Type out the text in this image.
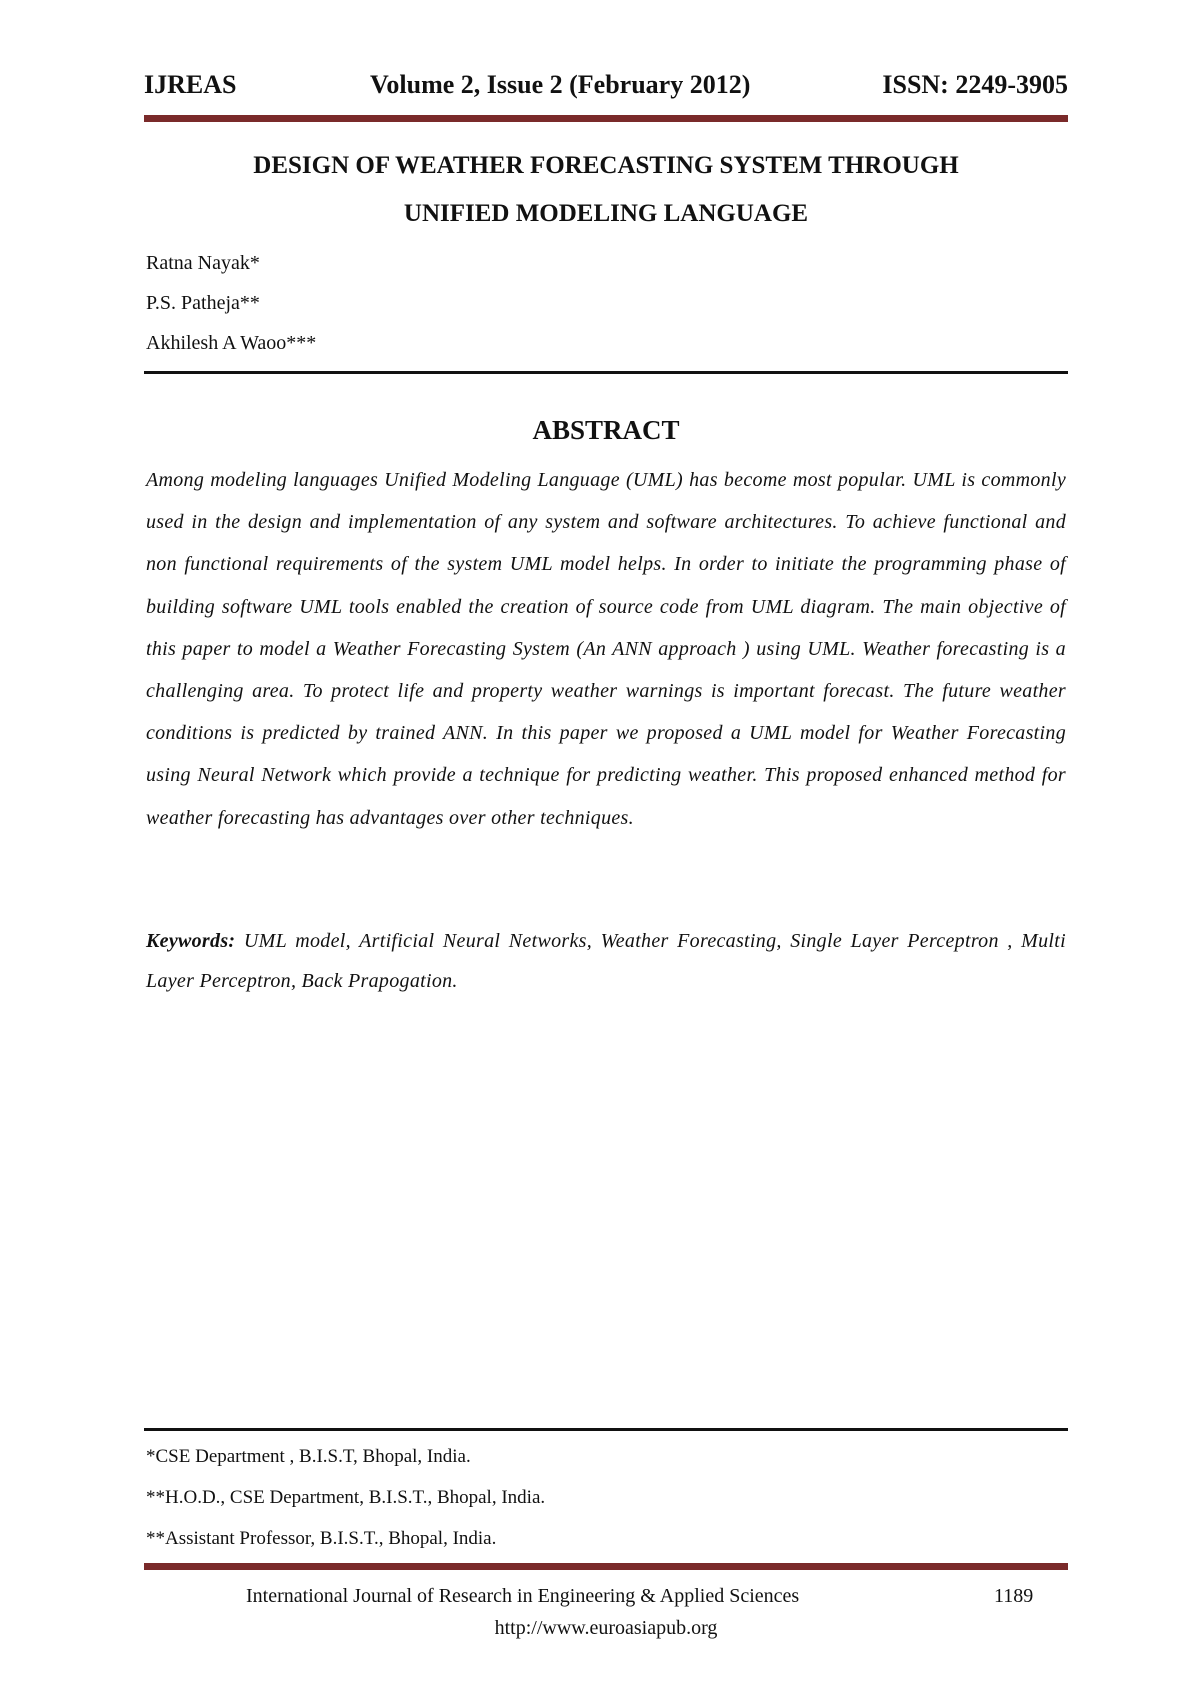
IJREAS	Volume 2, Issue 2 (February 2012)	ISSN: 2249-3905
DESIGN OF WEATHER FORECASTING SYSTEM THROUGH
UNIFIED MODELING LANGUAGE
Ratna Nayak*
P.S. Patheja**
Akhilesh A Waoo***
ABSTRACT
Among modeling languages Unified Modeling Language (UML) has become most popular. UML is commonly used in the design and implementation of any system and software architectures. To achieve functional and non functional requirements of the system UML model helps. In order to initiate the programming phase of building software UML tools enabled the creation of source code from UML diagram. The main objective of this paper to model a Weather Forecasting System (An ANN approach ) using UML. Weather forecasting is a challenging area. To protect life and property weather warnings is important forecast. The future weather conditions is predicted by trained ANN. In this paper we proposed a UML model for Weather Forecasting using Neural Network which provide a technique for predicting weather. This proposed enhanced method for weather forecasting has advantages over other techniques.
Keywords: UML model, Artificial Neural Networks, Weather Forecasting, Single Layer Perceptron , Multi Layer Perceptron, Back Prapogation.
*CSE Department , B.I.S.T, Bhopal, India.
**H.O.D., CSE Department, B.I.S.T., Bhopal, India.
**Assistant Professor, B.I.S.T., Bhopal, India.
International Journal of Research in Engineering & Applied Sciences	1189
http://www.euroasiapub.org
